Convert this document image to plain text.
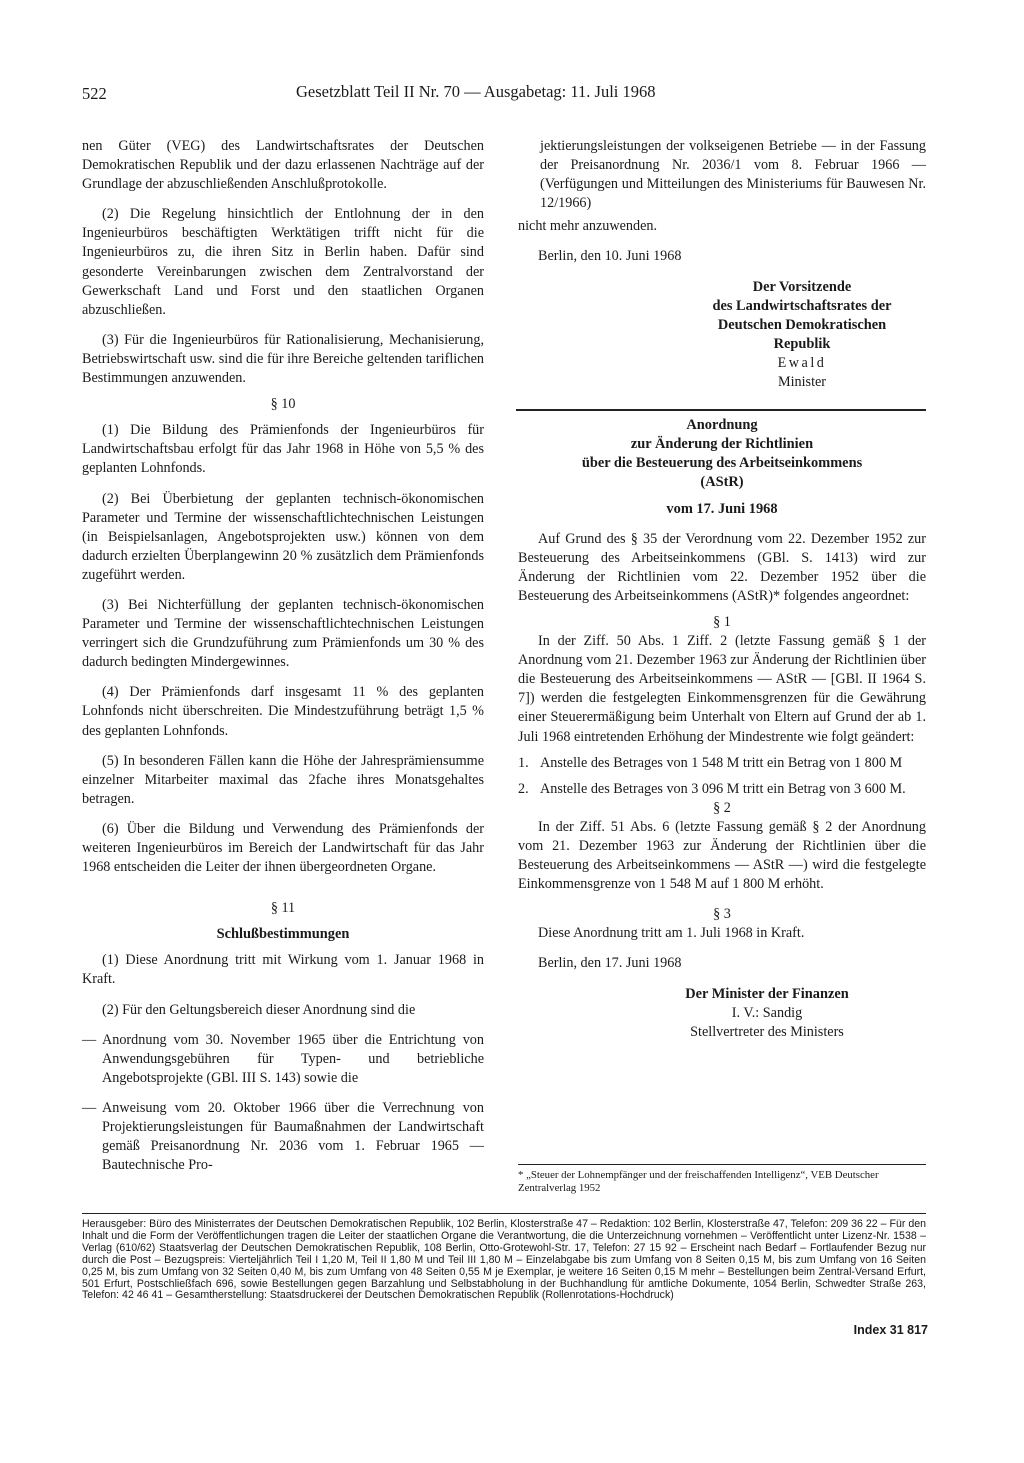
522	Gesetzblatt Teil II Nr. 70 — Ausgabetag: 11. Juli 1968

nen Güter (VEG) des Landwirtschaftsrates der Deutschen Demokratischen Republik und der dazu erlassenen Nachträge auf der Grundlage der abzuschließenden Anschlußprotokolle.

(2) Die Regelung hinsichtlich der Entlohnung der in den Ingenieurbüros beschäftigten Werktätigen trifft nicht für die Ingenieurbüros zu, die ihren Sitz in Berlin haben. Dafür sind gesonderte Vereinbarungen zwischen dem Zentralvorstand der Gewerkschaft Land und Forst und den staatlichen Organen abzuschließen.

(3) Für die Ingenieurbüros für Rationalisierung, Mechanisierung, Betriebswirtschaft usw. sind die für ihre Bereiche geltenden tariflichen Bestimmungen anzuwenden.

§ 10

(1) Die Bildung des Prämienfonds der Ingenieurbüros für Landwirtschaftsbau erfolgt für das Jahr 1968 in Höhe von 5,5 % des geplanten Lohnfonds.

(2) Bei Überbietung der geplanten technisch-ökonomischen Parameter und Termine der wissenschaftlichtechnischen Leistungen (in Beispielsanlagen, Angebotsprojekten usw.) können von dem dadurch erzielten Überplangewinn 20 % zusätzlich dem Prämienfonds zugeführt werden.

(3) Bei Nichterfüllung der geplanten technisch-ökonomischen Parameter und Termine der wissenschaftlichtechnischen Leistungen verringert sich die Grundzuführung zum Prämienfonds um 30 % des dadurch bedingten Mindergewinnes.

(4) Der Prämienfonds darf insgesamt 11 % des geplanten Lohnfonds nicht überschreiten. Die Mindestzuführung beträgt 1,5 % des geplanten Lohnfonds.

(5) In besonderen Fällen kann die Höhe der Jahresprämiensumme einzelner Mitarbeiter maximal das 2fache ihres Monatsgehaltes betragen.

(6) Über die Bildung und Verwendung des Prämienfonds der weiteren Ingenieurbüros im Bereich der Landwirtschaft für das Jahr 1968 entscheiden die Leiter der ihnen übergeordneten Organe.

§ 11

Schlußbestimmungen

(1) Diese Anordnung tritt mit Wirkung vom 1. Januar 1968 in Kraft.

(2) Für den Geltungsbereich dieser Anordnung sind die

— Anordnung vom 30. November 1965 über die Entrichtung von Anwendungsgebühren für Typen- und betriebliche Angebotsprojekte (GBl. III S. 143) sowie die

— Anweisung vom 20. Oktober 1966 über die Verrechnung von Projektierungsleistungen für Baumaßnahmen der Landwirtschaft gemäß Preisanordnung Nr. 2036 vom 1. Februar 1965 — Bautechnische Pro-

jektierungsleistungen der volkseigenen Betriebe — in der Fassung der Preisanordnung Nr. 2036/1 vom 8. Februar 1966 — (Verfügungen und Mitteilungen des Ministeriums für Bauwesen Nr. 12/1966)

nicht mehr anzuwenden.

Berlin, den 10. Juni 1968

Der Vorsitzende

des Landwirtschaftsrates der

Deutschen Demokratischen

Republik

Ewald

Minister

Anordnung

zur Änderung der Richtlinien

über die Besteuerung des Arbeitseinkommens

(AStR)

vom 17. Juni 1968

Auf Grund des § 35 der Verordnung vom 22. Dezember 1952 zur Besteuerung des Arbeitseinkommens (GBl. S. 1413) wird zur Änderung der Richtlinien vom 22. Dezember 1952 über die Besteuerung des Arbeitseinkommens (AStR)* folgendes angeordnet:

§ 1

In der Ziff. 50 Abs. 1 Ziff. 2 (letzte Fassung gemäß § 1 der Anordnung vom 21. Dezember 1963 zur Änderung der Richtlinien über die Besteuerung des Arbeitseinkommens — AStR — [GBl. II 1964 S. 7]) werden die festgelegten Einkommensgrenzen für die Gewährung einer Steuerermäßigung beim Unterhalt von Eltern auf Grund der ab 1. Juli 1968 eintretenden Erhöhung der Mindestrente wie folgt geändert:

1. Anstelle des Betrages von 1 548 M tritt ein Betrag von 1 800 M

2. Anstelle des Betrages von 3 096 M tritt ein Betrag von 3 600 M.

§ 2

In der Ziff. 51 Abs. 6 (letzte Fassung gemäß § 2 der Anordnung vom 21. Dezember 1963 zur Änderung der Richtlinien über die Besteuerung des Arbeitseinkommens — AStR —) wird die festgelegte Einkommensgrenze von 1 548 M auf 1 800 M erhöht.

§ 3

Diese Anordnung tritt am 1. Juli 1968 in Kraft.

Berlin, den 17. Juni 1968

Der Minister der Finanzen

I. V.: Sandig

Stellvertreter des Ministers

* „Steuer der Lohnempfänger und der freischaffenden Intelligenz“, VEB Deutscher Zentralverlag 1952
Herausgeber: Büro des Ministerrates der Deutschen Demokratischen Republik, 102 Berlin, Klosterstraße 47 – Redaktion: 102 Berlin, Klosterstraße 47, Telefon: 209 36 22 – Für den Inhalt und die Form der Veröffentlichungen tragen die Leiter der staatlichen Organe die Verantwortung, die die Unterzeichnung vornehmen – Veröffentlicht unter Lizenz-Nr. 1538 – Verlag (610/62) Staatsverlag der Deutschen Demokratischen Republik, 108 Berlin, Otto-Grotewohl-Str. 17, Telefon: 27 15 92 – Erscheint nach Bedarf – Fortlaufender Bezug nur durch die Post – Bezugspreis: Vierteljährlich Teil I 1,20 M, Teil II 1,80 M und Teil III 1,80 M – Einzelabgabe bis zum Umfang von 8 Seiten 0,15 M, bis zum Umfang von 16 Seiten 0,25 M, bis zum Umfang von 32 Seiten 0,40 M, bis zum Umfang von 48 Seiten 0,55 M je Exemplar, je weitere 16 Seiten 0,15 M mehr – Bestellungen beim Zentral-Versand Erfurt, 501 Erfurt, Postschließfach 696, sowie Bestellungen gegen Barzahlung und Selbstabholung in der Buchhandlung für amtliche Dokumente, 1054 Berlin, Schwedter Straße 263, Telefon: 42 46 41 – Gesamtherstellung: Staatsdruckerei der Deutschen Demokratischen Republik (Rollenrotations-Hochdruck)
Index 31 817
